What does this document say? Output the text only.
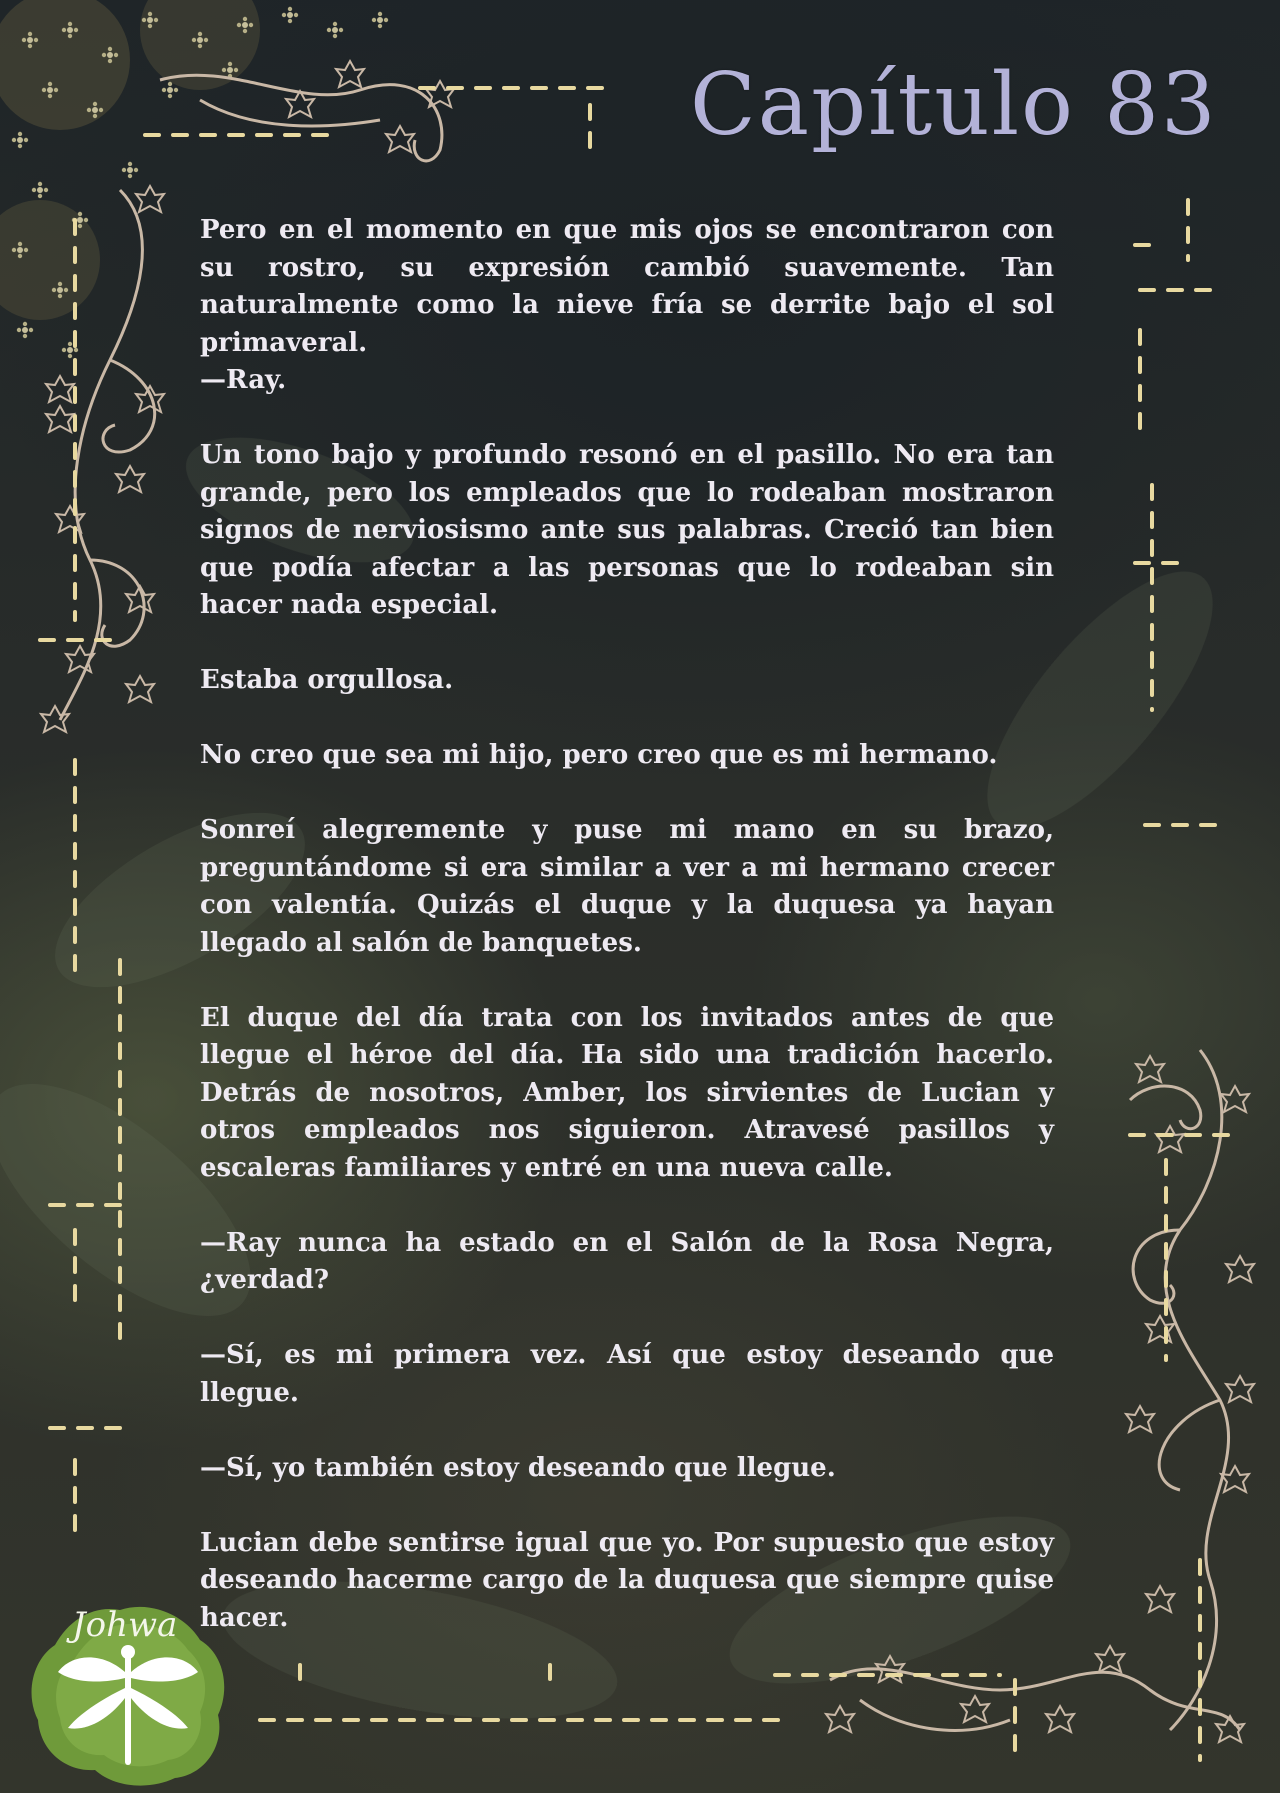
Capítulo 83

Pero en el momento en que mis ojos se encontraron con su rostro, su expresión cambió suavemente. Tan naturalmente como la nieve fría se derrite bajo el sol primaveral.
—Ray.

Un tono bajo y profundo resonó en el pasillo. No era tan grande, pero los empleados que lo rodeaban mostraron signos de nerviosismo ante sus palabras. Creció tan bien que podía afectar a las personas que lo rodeaban sin hacer nada especial.

Estaba orgullosa.

No creo que sea mi hijo, pero creo que es mi hermano.

Sonreí alegremente y puse mi mano en su brazo, preguntándome si era similar a ver a mi hermano crecer con valentía. Quizás el duque y la duquesa ya hayan llegado al salón de banquetes.

El duque del día trata con los invitados antes de que llegue el héroe del día. Ha sido una tradición hacerlo. Detrás de nosotros, Amber, los sirvientes de Lucian y otros empleados nos siguieron. Atravesé pasillos y escaleras familiares y entré en una nueva calle.

—Ray nunca ha estado en el Salón de la Rosa Negra, ¿verdad?

—Sí, es mi primera vez. Así que estoy deseando que llegue.

—Sí, yo también estoy deseando que llegue.

Lucian debe sentirse igual que yo. Por supuesto que estoy deseando hacerme cargo de la duquesa que siempre quise hacer.

Johwa
